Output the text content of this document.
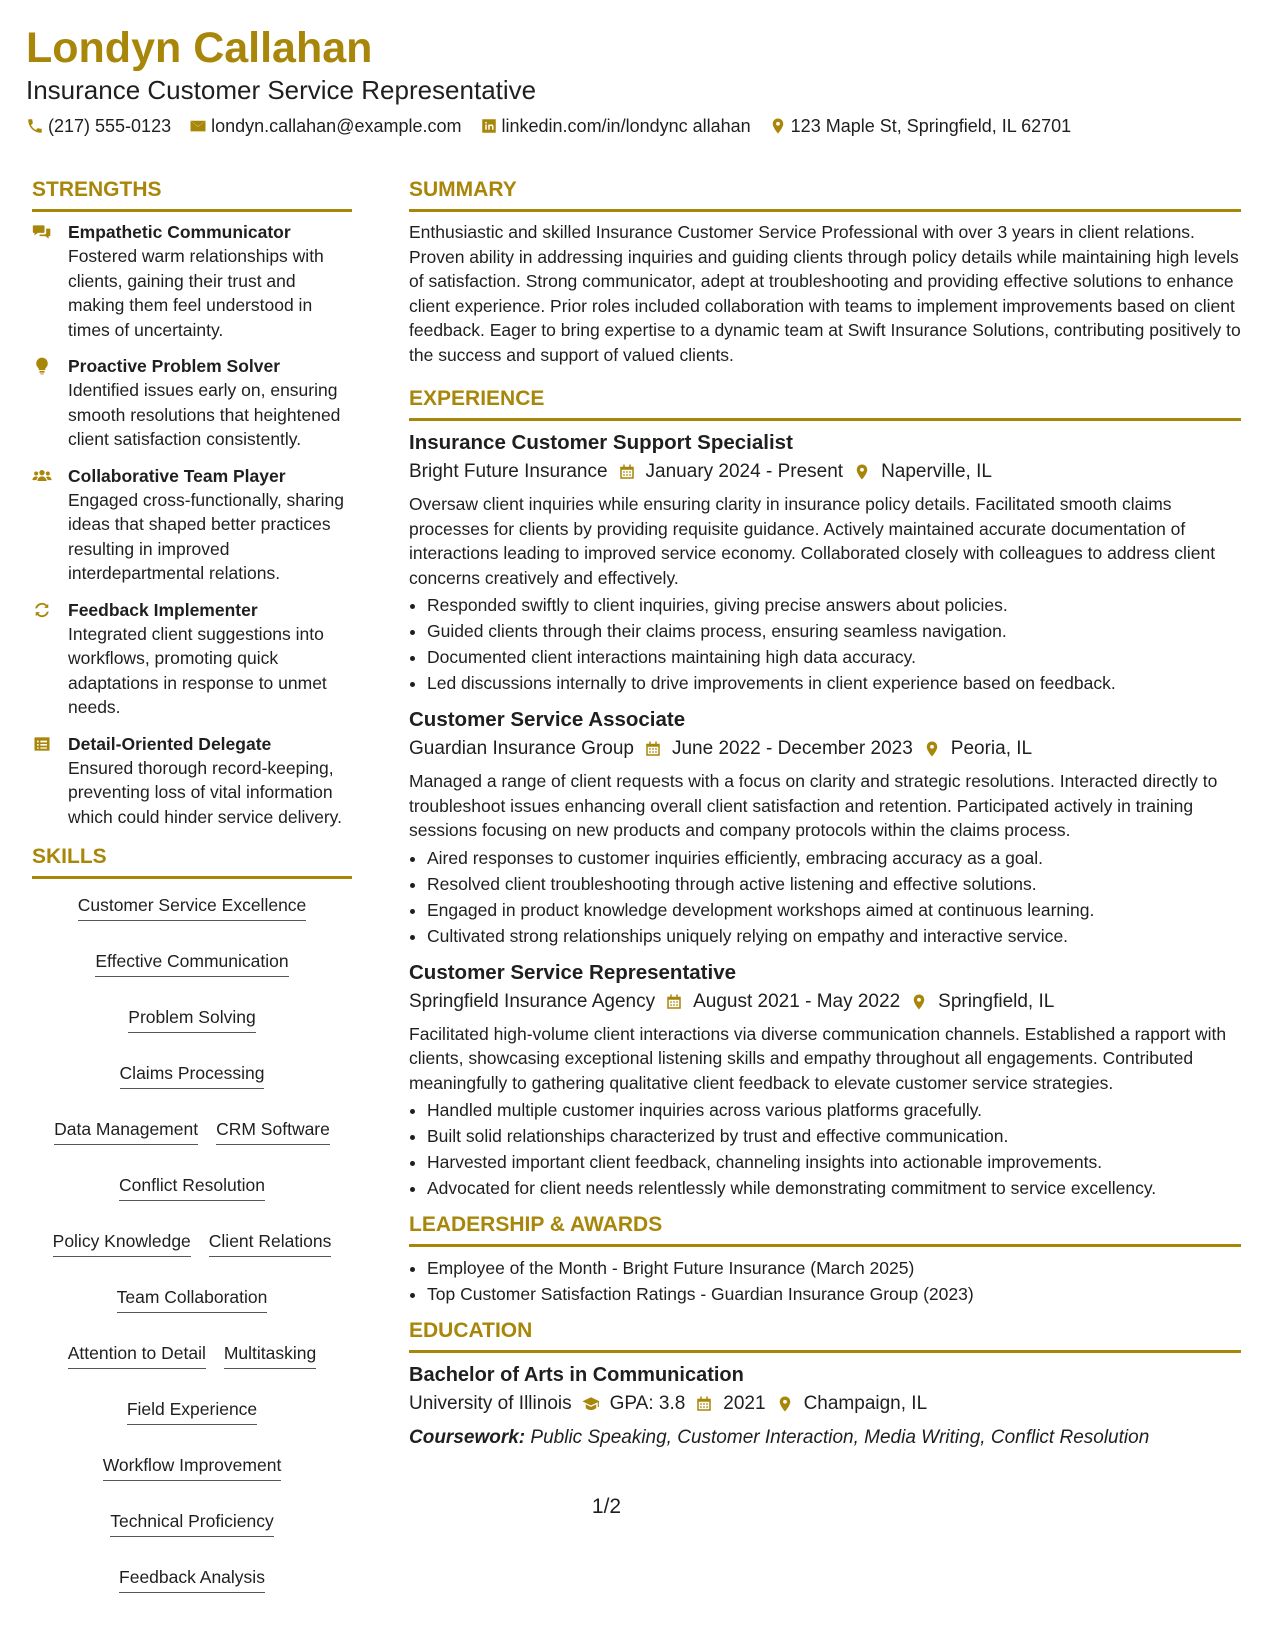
Londyn Callahan
Insurance Customer Service Representative
(217) 555-0123 londyn.callahan@example.com linkedin.com/in/londync allahan 123 Maple St, Springfield, IL 62701
STRENGTHS
Empathetic Communicator
Fostered warm relationships with clients, gaining their trust and making them feel understood in times of uncertainty.
Proactive Problem Solver
Identified issues early on, ensuring smooth resolutions that heightened client satisfaction consistently.
Collaborative Team Player
Engaged cross-functionally, sharing ideas that shaped better practices resulting in improved interdepartmental relations.
Feedback Implementer
Integrated client suggestions into workflows, promoting quick adaptations in response to unmet needs.
Detail-Oriented Delegate
Ensured thorough record-keeping, preventing loss of vital information which could hinder service delivery.
SKILLS
Customer Service Excellence
Effective Communication
Problem Solving
Claims Processing
Data Management CRM Software
Conflict Resolution
Policy Knowledge Client Relations
Team Collaboration
Attention to Detail Multitasking
Field Experience
Workflow Improvement
Technical Proficiency
Feedback Analysis
SUMMARY

Enthusiastic and skilled Insurance Customer Service Professional with over 3 years in client relations. Proven ability in addressing inquiries and guiding clients through policy details while maintaining high levels of satisfaction. Strong communicator, adept at troubleshooting and providing effective solutions to enhance client experience. Prior roles included collaboration with teams to implement improvements based on client feedback. Eager to bring expertise to a dynamic team at Swift Insurance Solutions, contributing positively to the success and support of valued clients.

EXPERIENCE
Insurance Customer Support Specialist
Bright Future Insurance January 2024 - Present Naperville, IL

Oversaw client inquiries while ensuring clarity in insurance policy details. Facilitated smooth claims processes for clients by providing requisite guidance. Actively maintained accurate documentation of interactions leading to improved service economy. Collaborated closely with colleagues to address client concerns creatively and effectively.

• Responded swiftly to client inquiries, giving precise answers about policies.
• Guided clients through their claims process, ensuring seamless navigation.
• Documented client interactions maintaining high data accuracy.
• Led discussions internally to drive improvements in client experience based on feedback.
Customer Service Associate
Guardian Insurance Group June 2022 - December 2023 Peoria, IL

Managed a range of client requests with a focus on clarity and strategic resolutions. Interacted directly to troubleshoot issues enhancing overall client satisfaction and retention. Participated actively in training sessions focusing on new products and company protocols within the claims process.

• Aired responses to customer inquiries efficiently, embracing accuracy as a goal.
• Resolved client troubleshooting through active listening and effective solutions.
• Engaged in product knowledge development workshops aimed at continuous learning.
• Cultivated strong relationships uniquely relying on empathy and interactive service.
Customer Service Representative
Springfield Insurance Agency August 2021 - May 2022 Springfield, IL

Facilitated high-volume client interactions via diverse communication channels. Established a rapport with clients, showcasing exceptional listening skills and empathy throughout all engagements. Contributed meaningfully to gathering qualitative client feedback to elevate customer service strategies.

• Handled multiple customer inquiries across various platforms gracefully.
• Built solid relationships characterized by trust and effective communication.
• Harvested important client feedback, channeling insights into actionable improvements.
• Advocated for client needs relentlessly while demonstrating commitment to service excellency.
LEADERSHIP & AWARDS
• Employee of the Month - Bright Future Insurance (March 2025)
• Top Customer Satisfaction Ratings - Guardian Insurance Group (2023)
EDUCATION
Bachelor of Arts in Communication
University of Illinois GPA: 3.8 2021 Champaign, IL
Coursework: Public Speaking, Customer Interaction, Media Writing, Conflict Resolution
1/2
